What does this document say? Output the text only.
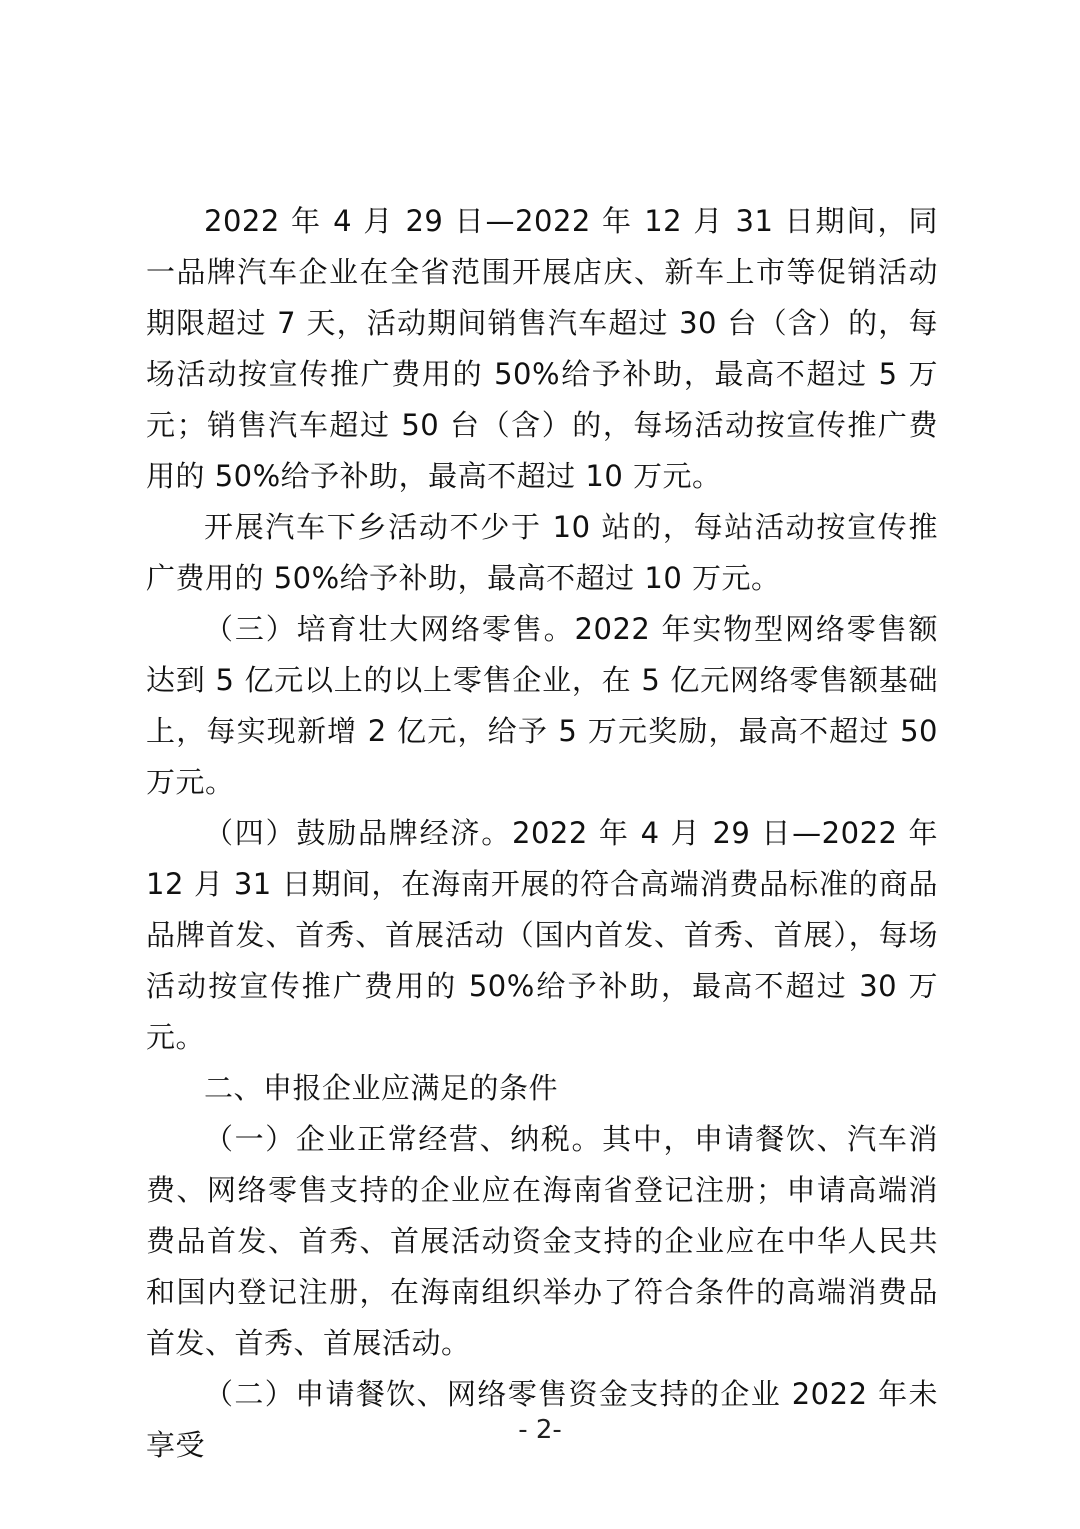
2022 年 4 月 29 日—2022 年 12 月 31 日期间，同一品牌汽车企业在全省范围开展店庆、新车上市等促销活动期限超过 7 天，活动期间销售汽车超过 30 台（含）的，每场活动按宣传推广费用的 50%给予补助，最高不超过 5 万元；销售汽车超过 50 台（含）的，每场活动按宣传推广费用的 50%给予补助，最高不超过 10 万元。

开展汽车下乡活动不少于 10 站的，每站活动按宣传推广费用的 50%给予补助，最高不超过 10 万元。

（三）培育壮大网络零售。2022 年实物型网络零售额达到 5 亿元以上的以上零售企业，在 5 亿元网络零售额基础上，每实现新增 2 亿元，给予 5 万元奖励，最高不超过 50 万元。

（四）鼓励品牌经济。2022 年 4 月 29 日—2022 年 12 月 31 日期间，在海南开展的符合高端消费品标准的商品品牌首发、首秀、首展活动（国内首发、首秀、首展），每场活动按宣传推广费用的 50%给予补助，最高不超过 30 万元。

二、申报企业应满足的条件

（一）企业正常经营、纳税。其中，申请餐饮、汽车消费、网络零售支持的企业应在海南省登记注册；申请高端消费品首发、首秀、首展活动资金支持的企业应在中华人民共和国内登记注册，在海南组织举办了符合条件的高端消费品首发、首秀、首展活动。

（二）申请餐饮、网络零售资金支持的企业 2022 年未享受	- 2-
